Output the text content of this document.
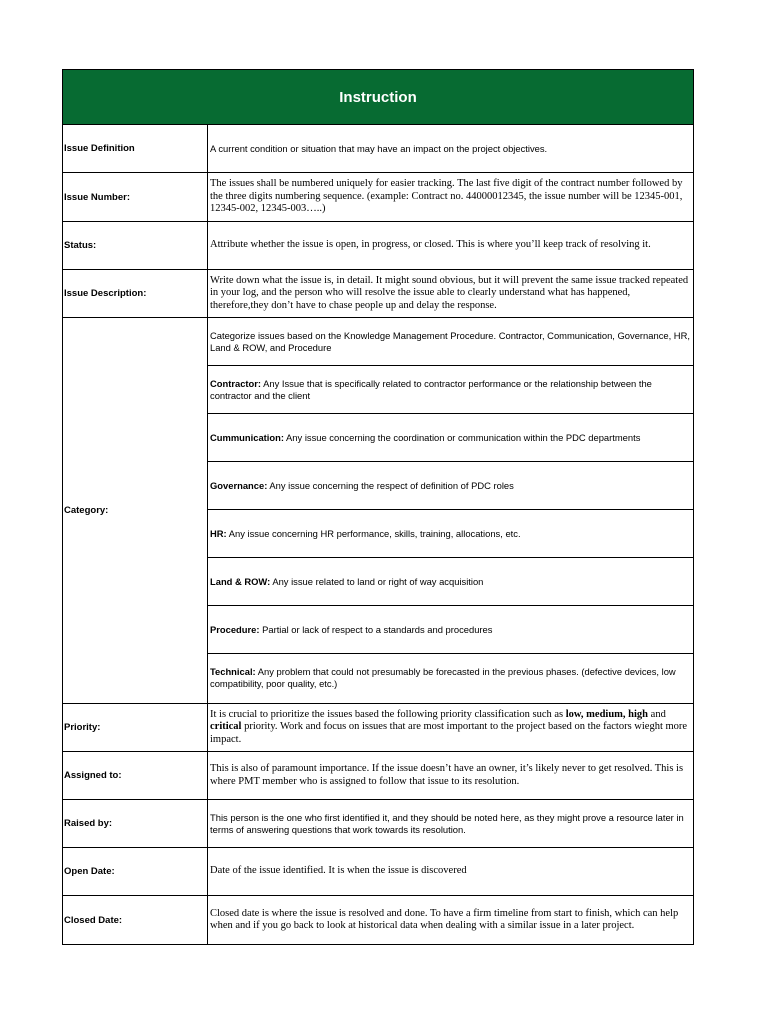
Instruction
Issue Definition	A current condition or situation that may have an impact on the project objectives.
Issue Number:
The issues shall be numbered uniquely for easier tracking. The last five digit of the contract number followed by the three digits numbering sequence. (example: Contract no. 44000012345, the issue number will be 12345-001, 12345-002, 12345-003…..)
Status:	Attribute whether the issue is open, in progress, or closed. This is where you’ll keep track of resolving it.
Issue Description:
Write down what the issue is, in detail. It might sound obvious, but it will prevent the same issue tracked repeated in your log, and the person who will resolve the issue able to clearly understand what has happened, therefore,they don’t have to chase people up and delay the response.
Category:
Categorize issues based on the Knowledge Management Procedure. Contractor, Communication, Governance, HR, Land & ROW, and Procedure
Contractor: Any Issue that is specifically related to contractor performance or the relationship between the contractor and the client
Cummunication: Any issue concerning the coordination or communication within the PDC departments
Governance: Any issue concerning the respect of definition of PDC roles
HR: Any issue concerning HR performance, skills, training, allocations, etc.
Land & ROW: Any issue related to land or right of way acquisition
Procedure: Partial or lack of respect to a standards and procedures
Technical: Any problem that could not presumably be forecasted in the previous phases. (defective devices, low compatibility, poor quality, etc.)
Priority:
It is crucial to prioritize the issues based the following priority classification such as low, medium, high and critical priority. Work and focus on issues that are most important to the project based on the factors wieght more impact.
Assigned to:
This is also of paramount importance. If the issue doesn’t have an owner, it’s likely never to get resolved. This is where PMT member who is assigned to follow that issue to its resolution.
Raised by:
This person is the one who first identified it, and they should be noted here, as they might prove a resource later in terms of answering questions that work towards its resolution.
Open Date:	Date of the issue identified. It is when the issue is discovered
Closed Date:
Closed date is where the issue is resolved and done. To have a firm timeline from start to finish, which can help when and if you go back to look at historical data when dealing with a similar issue in a later project.
